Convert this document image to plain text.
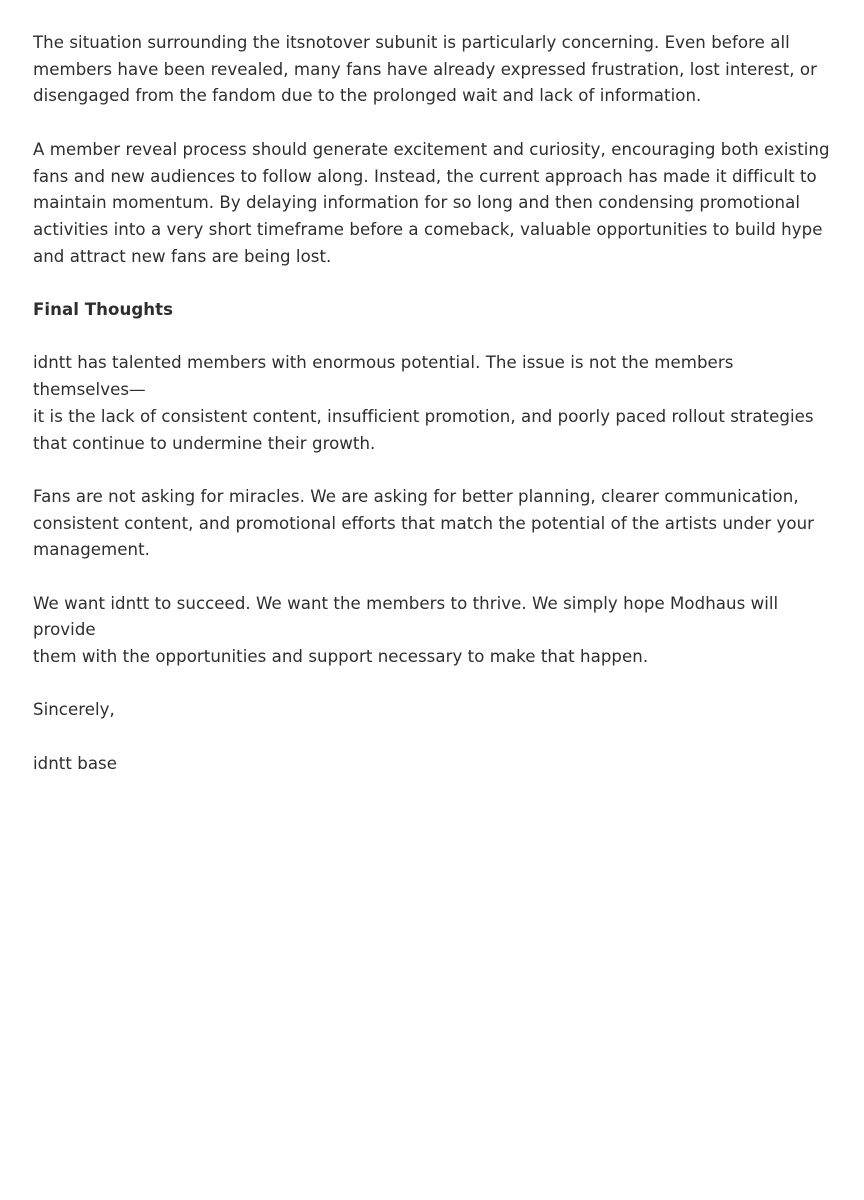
The situation surrounding the itsnotover subunit is particularly concerning. Even before all
members have been revealed, many fans have already expressed frustration, lost interest, or
disengaged from the fandom due to the prolonged wait and lack of information.

A member reveal process should generate excitement and curiosity, encouraging both existing
fans and new audiences to follow along. Instead, the current approach has made it difficult to
maintain momentum. By delaying information for so long and then condensing promotional
activities into a very short timeframe before a comeback, valuable opportunities to build hype
and attract new fans are being lost.

Final Thoughts

idntt has talented members with enormous potential. The issue is not the members themselves—
it is the lack of consistent content, insufficient promotion, and poorly paced rollout strategies
that continue to undermine their growth.

Fans are not asking for miracles. We are asking for better planning, clearer communication,
consistent content, and promotional efforts that match the potential of the artists under your
management.

We want idntt to succeed. We want the members to thrive. We simply hope Modhaus will provide
them with the opportunities and support necessary to make that happen.

Sincerely,

idntt base
